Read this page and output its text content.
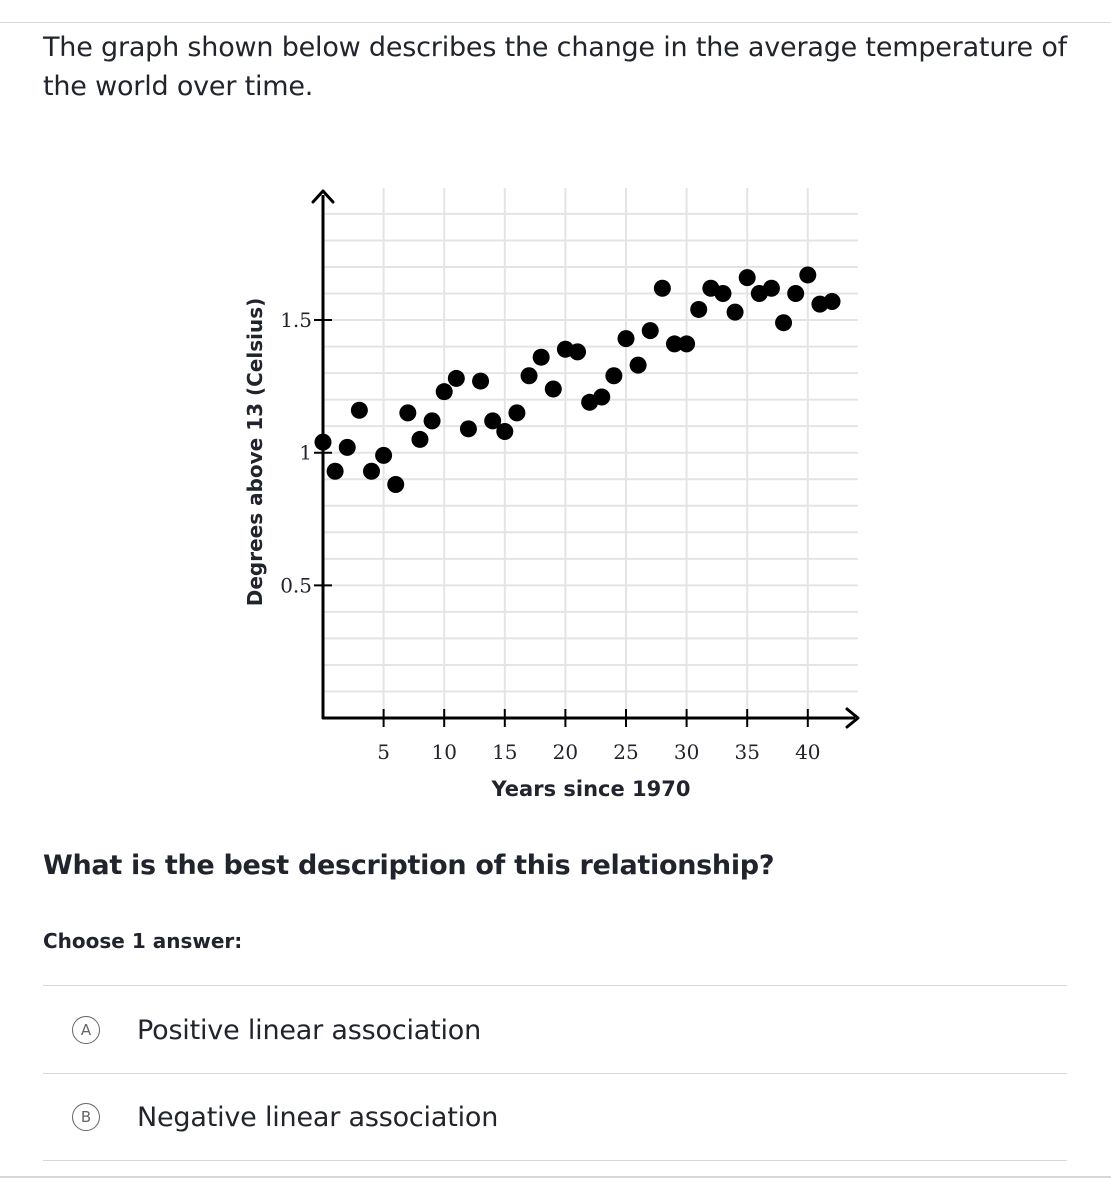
The graph shown below describes the change in the average temperature of the world over time.
5 10 15 20 25 30 35 40
0.5
1
1.5
Years since 1970
Degrees above 13 (Celsius)
What is the best description of this relationship?
Choose 1 answer:
A	Positive linear association
B	Negative linear association
